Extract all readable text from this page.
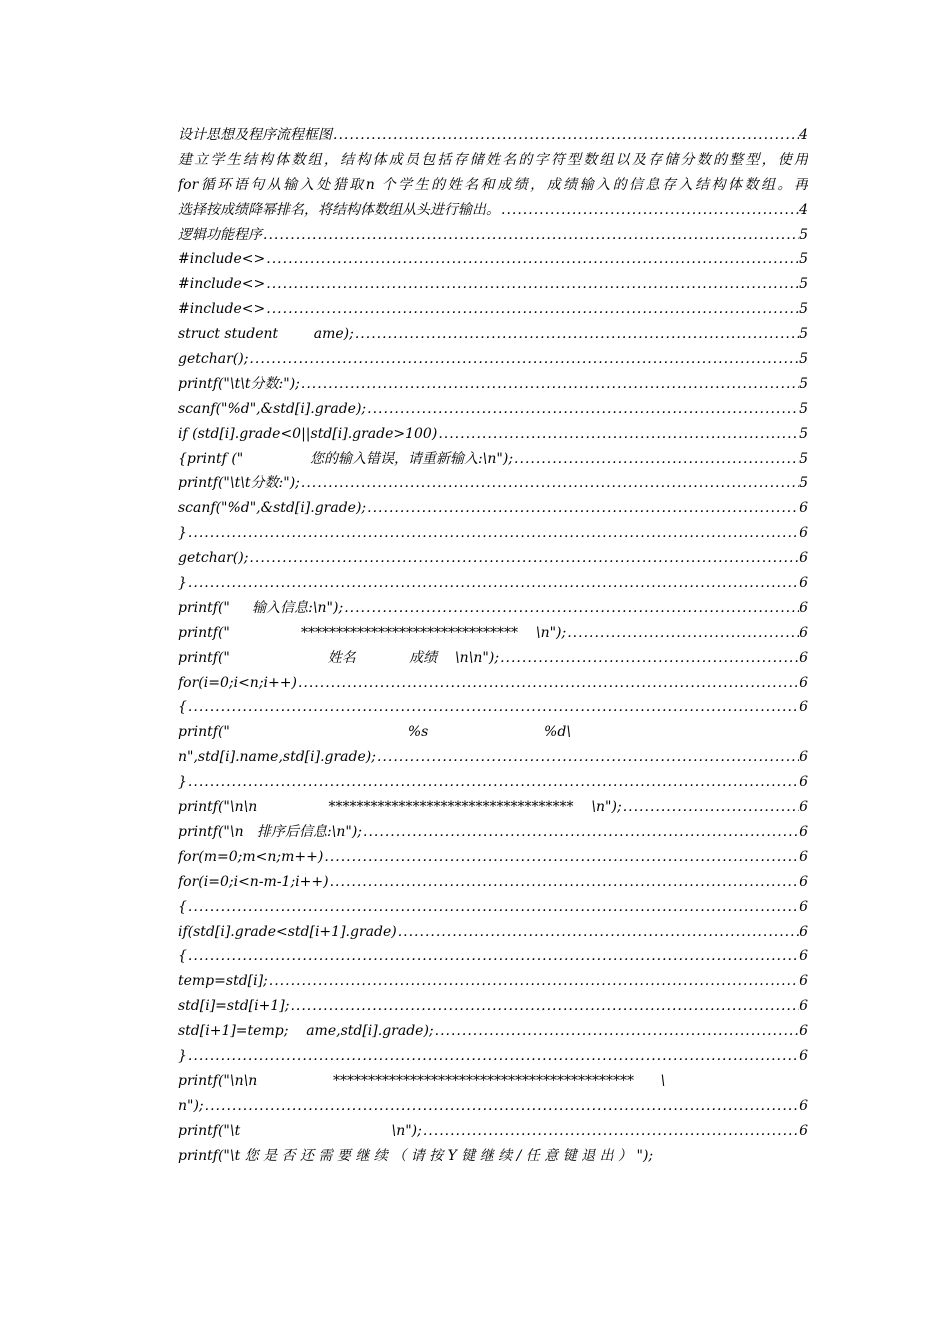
设计思想及程序流程框图 .....	4
建立学生结构体数组，结构体成员包括存储姓名的字符型数组以及存储分数的整型，使用
for循环语句从输入处猎取n 个学生的姓名和成绩，成绩输入的信息存入结构体数组。再
选择按成绩降幂排名，将结构体数组从头进行输出。 .....	4
逻辑功能程序 .....	5
#include<> .....	5
#include<> .....	5
#include<> .....	5
struct student        ame); .....	5
getchar(); .....	5
printf("\t\t分数:"); .....	5
scanf("%d",&std[i].grade); .....	5
if (std[i].grade<0||std[i].grade>100) .....	5
{printf ("               您的输入错误，请重新输入:\n"); .....	5
printf("\t\t分数:"); .....	5
scanf("%d",&std[i].grade); .....	6
} .....	6
getchar(); .....	6
} .....	6
printf("     输入信息:\n"); .....	6
printf("                *******************************    \n"); .....	6
printf("                      姓名            成绩    \n\n"); .....	6
for(i=0;i<n;i++) .....	6
{ .....	6
printf("                                        %s                          %d\
n",std[i].name,std[i].grade); .....	6
} .....	6
printf("\n\n                ***********************************    \n"); .....	6
printf("\n   排序后信息:\n"); .....	6
for(m=0;m<n;m++) .....	6
for(i=0;i<n-m-1;i++) .....	6
{ .....	6
if(std[i].grade<std[i+1].grade) .....	6
{ .....	6
temp=std[i]; .....	6
std[i]=std[i+1]; .....	6
std[i+1]=temp;    ame,std[i].grade); .....	6
} .....	6
printf("\n\n                 *******************************************      \
n"); .....	6
printf("\t                                  \n"); .....	6
printf("\t 您 是 否 还 需 要 继 续 （ 请 按 Y 键 继 续 / 任 意 键 退 出 ） ");
